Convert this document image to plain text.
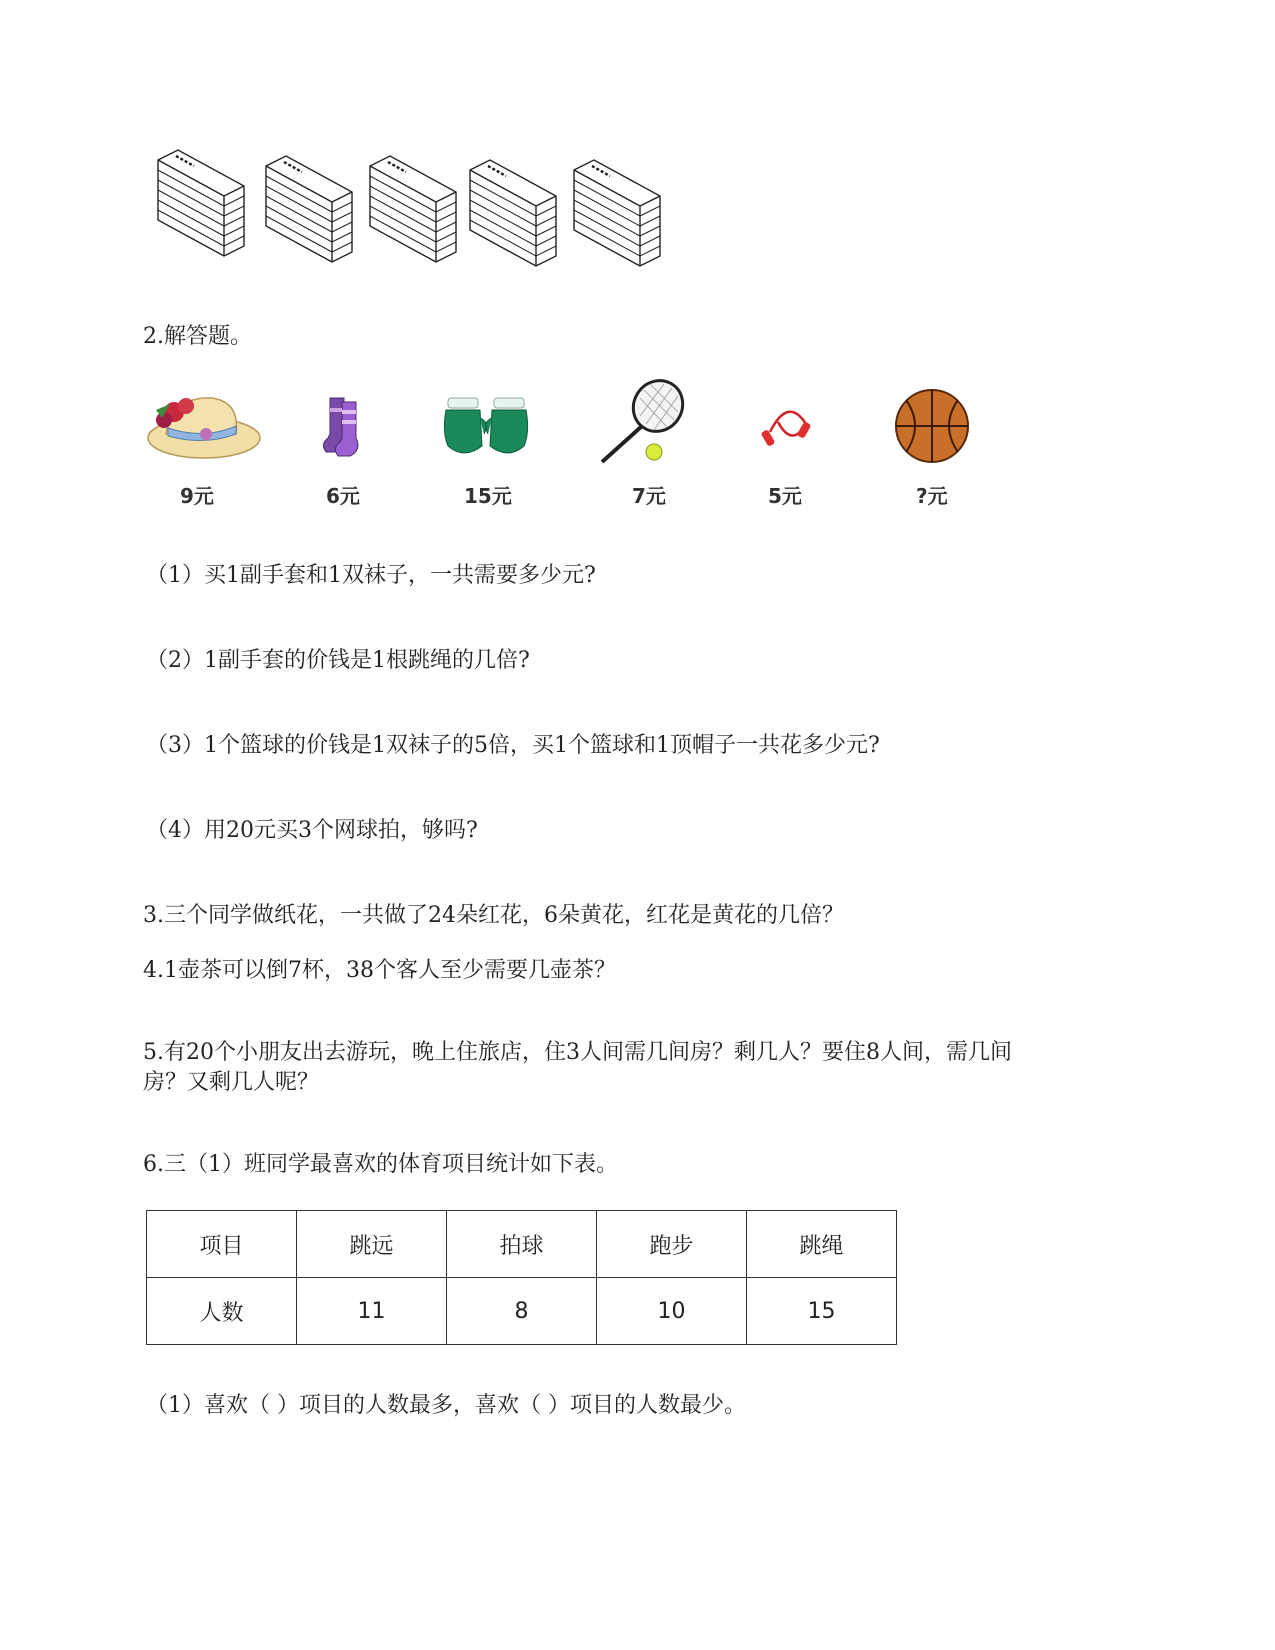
2.解答题。
9元	6元	15元	7元	5元	?元
（1）买1副手套和1双袜子，一共需要多少元?
（2）1副手套的价钱是1根跳绳的几倍?
（3）1个篮球的价钱是1双袜子的5倍，买1个篮球和1顶帽子一共花多少元?
（4）用20元买3个网球拍，够吗?
3.三个同学做纸花，一共做了24朵红花，6朵黄花，红花是黄花的几倍？
4.1壶茶可以倒7杯，38个客人至少需要几壶茶？
5.有20个小朋友出去游玩，晚上住旅店，住3人间需几间房？剩几人？要住8人间，需几间
房？又剩几人呢？
6.三（1）班同学最喜欢的体育项目统计如下表。
项目	跳远	拍球	跑步	跳绳
人数	11	8	10	15
（1）喜欢（ ）项目的人数最多，喜欢（ ）项目的人数最少。
